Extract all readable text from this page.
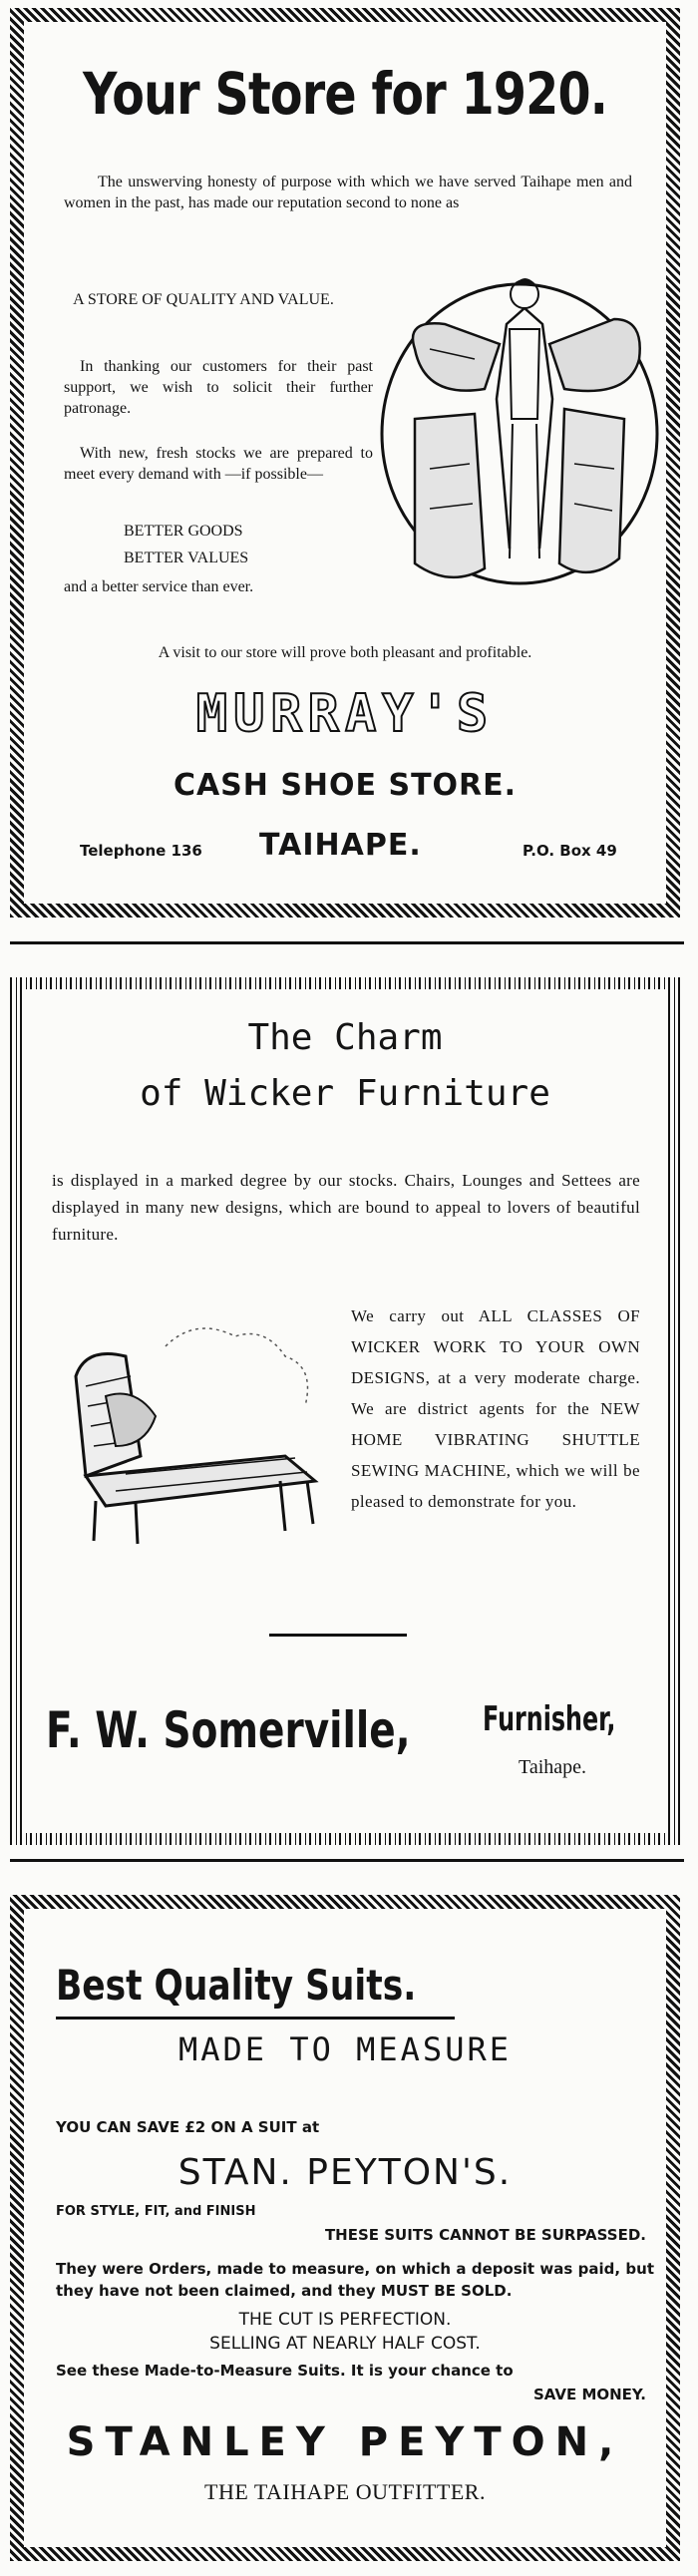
Your Store for 1920.

The unswerving honesty of purpose with which we have served Taihape men and women in the past, has made our reputation second to none as

A STORE OF QUALITY AND VALUE.

In thanking our customers for their past support, we wish to solicit their further patronage.

With new, fresh stocks we are prepared to meet every demand with —if possible—

BETTER GOODS

BETTER VALUES

and a better service than ever.

A visit to our store will prove both pleasant and profitable.

MURRAY'S
CASH SHOE STORE.
Telephone 136 TAIHAPE.	P.O. Box 49
The Charm
of Wicker Furniture

is displayed in a marked degree by our stocks. Chairs, Lounges and Settees are displayed in many new designs, which are bound to appeal to lovers of beautiful furniture.

We carry out ALL CLASSES OF WICKER WORK TO YOUR OWN DESIGNS, at a very moderate charge. We are district agents for the NEW HOME VIBRATING SHUTTLE SEWING MACHINE, which we will be pleased to demonstrate for you.

F. W. Somerville, Furnisher,
Taihape.
Best Quality Suits.
MADE TO MEASURE
YOU CAN SAVE £2 ON A SUIT at
STAN. PEYTON'S.
FOR STYLE, FIT, and FINISH
THESE SUITS CANNOT BE SURPASSED.

They were Orders, made to measure, on which a deposit was paid, but they have not been claimed, and they MUST BE SOLD.

THE CUT IS PERFECTION.
SELLING AT NEARLY HALF COST.
See these Made-to-Measure Suits. It is your chance to
SAVE MONEY.
STANLEY PEYTON,
THE TAIHAPE OUTFITTER.
